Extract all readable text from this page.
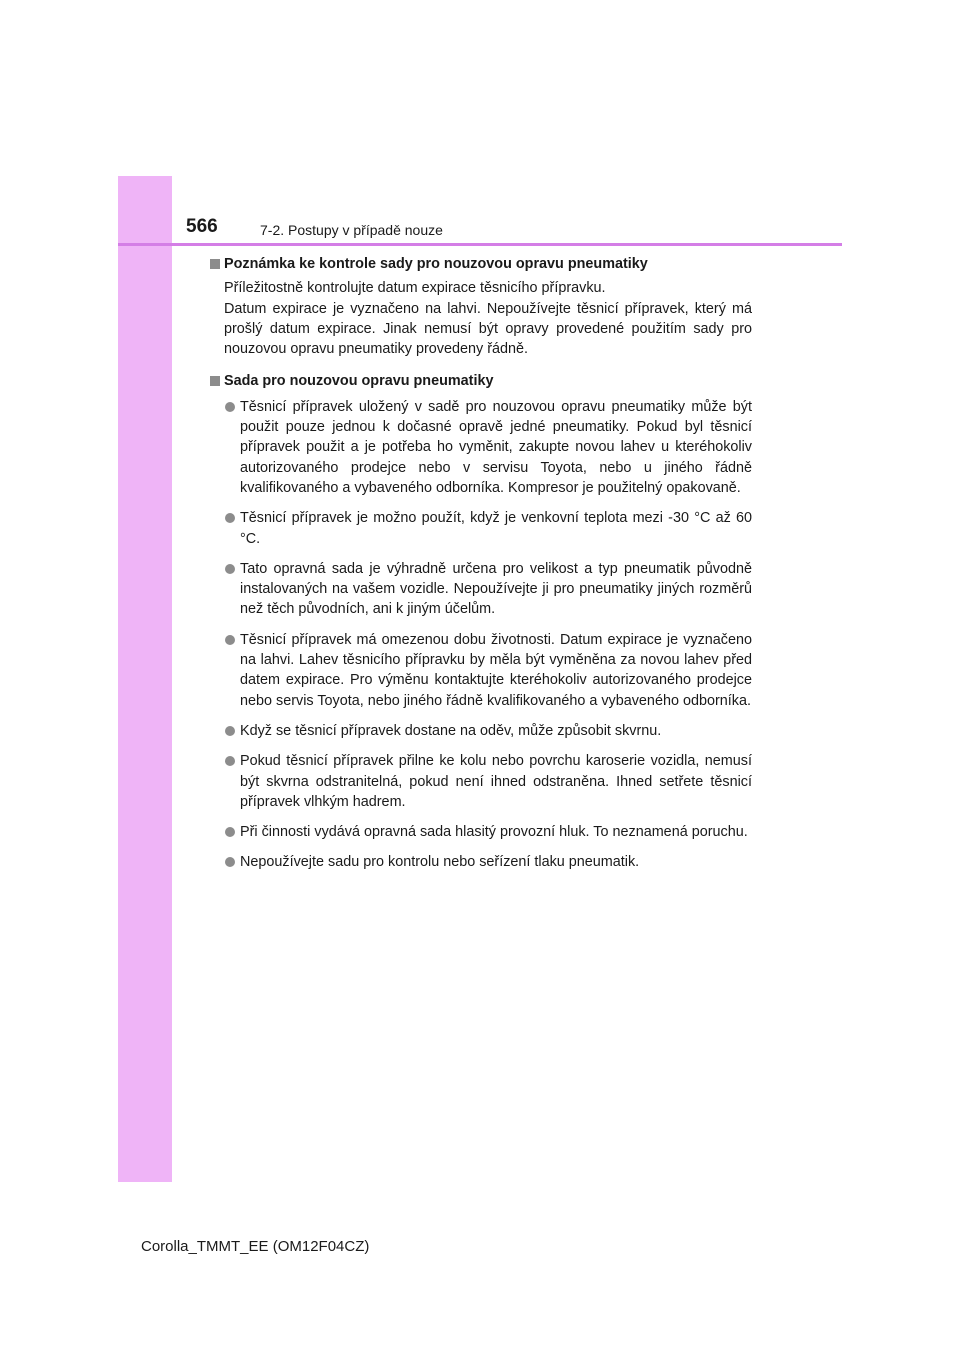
566	7-2. Postupy v případě nouze

Poznámka ke kontrole sady pro nouzovou opravu pneumatiky

Příležitostně kontrolujte datum expirace těsnicího přípravku.

Datum expirace je vyznačeno na lahvi. Nepoužívejte těsnicí přípravek, který má prošlý datum expirace. Jinak nemusí být opravy provedené použitím sady pro nouzovou opravu pneumatiky provedeny řádně.

Sada pro nouzovou opravu pneumatiky

Těsnicí přípravek uložený v sadě pro nouzovou opravu pneumatiky může být použit pouze jednou k dočasné opravě jedné pneumatiky. Pokud byl těsnicí přípravek použit a je potřeba ho vyměnit, zakupte novou lahev u kteréhokoliv autorizovaného prodejce nebo v servisu Toyota, nebo u jiného řádně kvalifikovaného a vybaveného odborníka. Kompresor je použitelný opakovaně.
Těsnicí přípravek je možno použít, když je venkovní teplota mezi -30 °C až 60 °C.
Tato opravná sada je výhradně určena pro velikost a typ pneumatik původně instalovaných na vašem vozidle. Nepoužívejte ji pro pneumatiky jiných rozměrů než těch původních, ani k jiným účelům.
Těsnicí přípravek má omezenou dobu životnosti. Datum expirace je vyznačeno na lahvi. Lahev těsnicího přípravku by měla být vyměněna za novou lahev před datem expirace. Pro výměnu kontaktujte kteréhokoliv autorizovaného prodejce nebo servis Toyota, nebo jiného řádně kvalifikovaného a vybaveného odborníka.
Když se těsnicí přípravek dostane na oděv, může způsobit skvrnu.
Pokud těsnicí přípravek přilne ke kolu nebo povrchu karoserie vozidla, nemusí být skvrna odstranitelná, pokud není ihned odstraněna. Ihned setřete těsnicí přípravek vlhkým hadrem.
Při činnosti vydává opravná sada hlasitý provozní hluk. To neznamená poruchu.
Nepoužívejte sadu pro kontrolu nebo seřízení tlaku pneumatik.
Corolla_TMMT_EE (OM12F04CZ)
